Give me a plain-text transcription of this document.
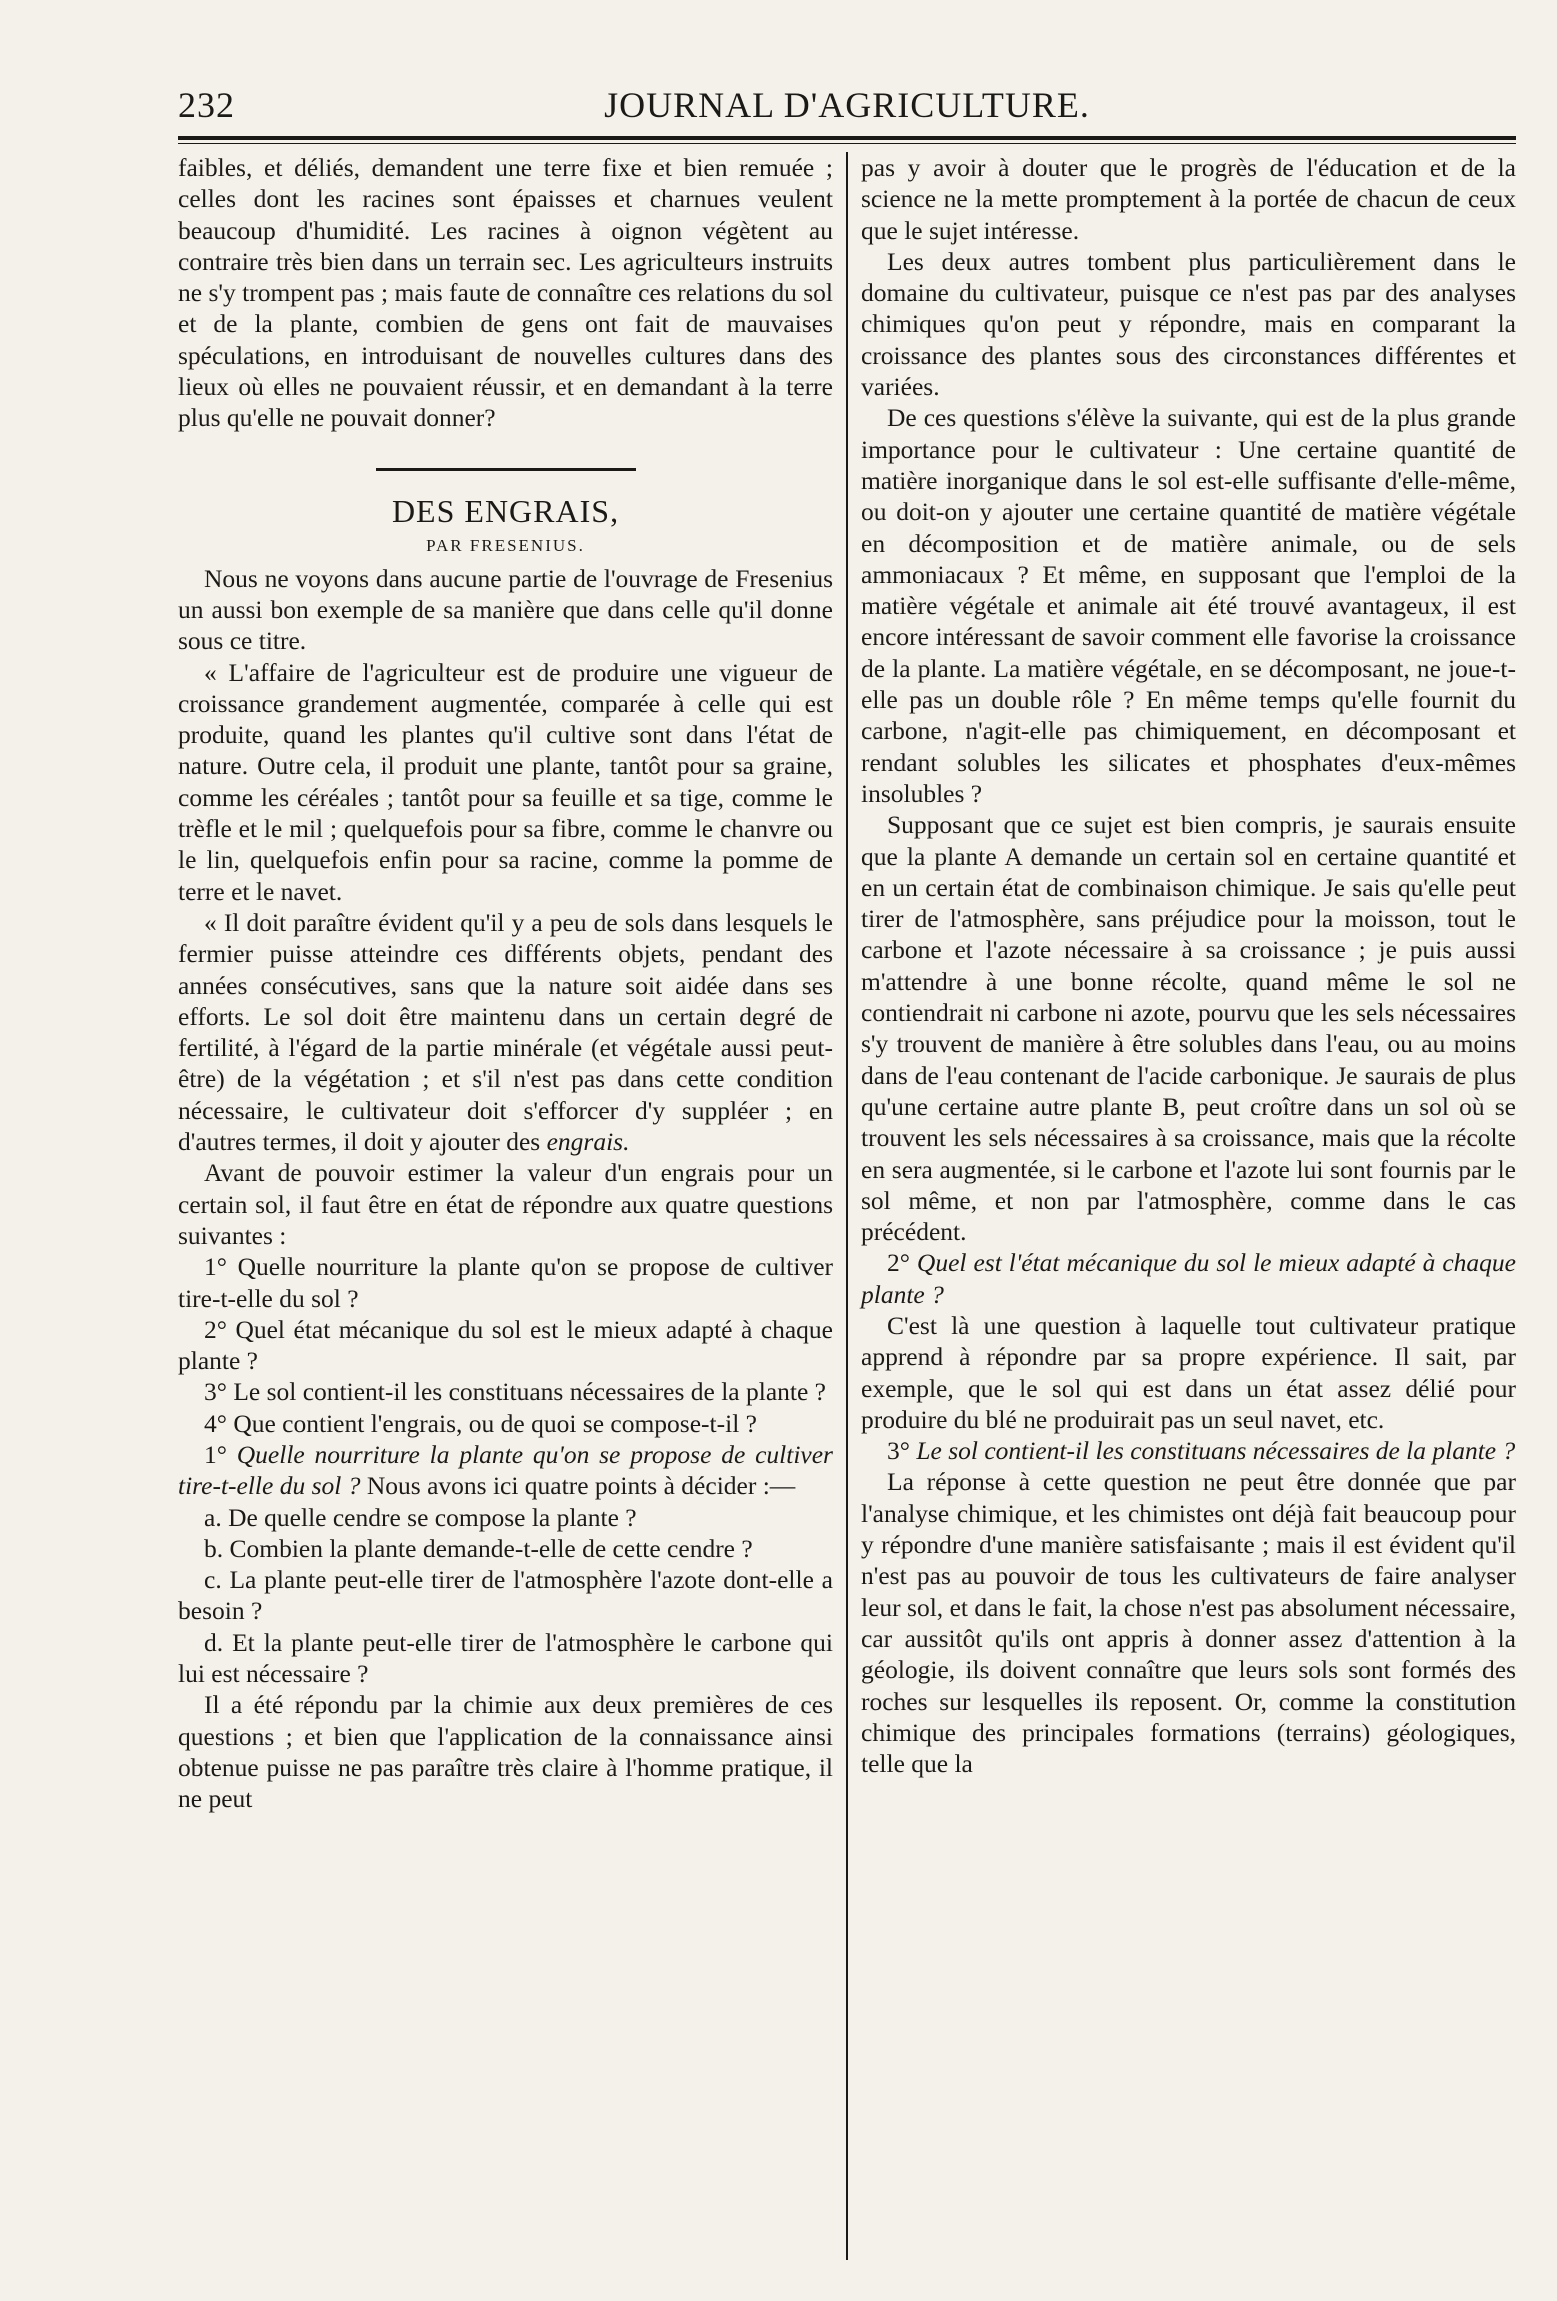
232	JOURNAL D'AGRICULTURE.

faibles, et déliés, demandent une terre fixe et bien remuée ; celles dont les racines sont épaisses et charnues veulent beaucoup d'humidité. Les racines à oignon végètent au contraire très bien dans un terrain sec. Les agriculteurs instruits ne s'y trompent pas ; mais faute de connaître ces relations du sol et de la plante, combien de gens ont fait de mauvaises spéculations, en introduisant de nouvelles cultures dans des lieux où elles ne pouvaient réussir, et en demandant à la terre plus qu'elle ne pouvait donner?

DES ENGRAIS,
PAR FRESENIUS.

Nous ne voyons dans aucune partie de l'ouvrage de Fresenius un aussi bon exemple de sa manière que dans celle qu'il donne sous ce titre.

« L'affaire de l'agriculteur est de produire une vigueur de croissance grandement augmentée, comparée à celle qui est produite, quand les plantes qu'il cultive sont dans l'état de nature. Outre cela, il produit une plante, tantôt pour sa graine, comme les céréales ; tantôt pour sa feuille et sa tige, comme le trèfle et le mil ; quelquefois pour sa fibre, comme le chanvre ou le lin, quelquefois enfin pour sa racine, comme la pomme de terre et le navet.

« Il doit paraître évident qu'il y a peu de sols dans lesquels le fermier puisse atteindre ces différents objets, pendant des années consécutives, sans que la nature soit aidée dans ses efforts. Le sol doit être maintenu dans un certain degré de fertilité, à l'égard de la partie minérale (et végétale aussi peut-être) de la végétation ; et s'il n'est pas dans cette condition nécessaire, le cultivateur doit s'efforcer d'y suppléer ; en d'autres termes, il doit y ajouter des engrais.

Avant de pouvoir estimer la valeur d'un engrais pour un certain sol, il faut être en état de répondre aux quatre questions suivantes :

1° Quelle nourriture la plante qu'on se propose de cultiver tire-t-elle du sol ?

2° Quel état mécanique du sol est le mieux adapté à chaque plante ?

3° Le sol contient-il les constituans nécessaires de la plante ?

4° Que contient l'engrais, ou de quoi se compose-t-il ?

1° Quelle nourriture la plante qu'on se propose de cultiver tire-t-elle du sol ? Nous avons ici quatre points à décider :—

a. De quelle cendre se compose la plante ?

b. Combien la plante demande-t-elle de cette cendre ?

c. La plante peut-elle tirer de l'atmosphère l'azote dont-elle a besoin ?

d. Et la plante peut-elle tirer de l'atmosphère le carbone qui lui est nécessaire ?

Il a été répondu par la chimie aux deux premières de ces questions ; et bien que l'application de la connaissance ainsi obtenue puisse ne pas paraître très claire à l'homme pratique, il ne peut

pas y avoir à douter que le progrès de l'éducation et de la science ne la mette promptement à la portée de chacun de ceux que le sujet intéresse.

Les deux autres tombent plus particulièrement dans le domaine du cultivateur, puisque ce n'est pas par des analyses chimiques qu'on peut y répondre, mais en comparant la croissance des plantes sous des circonstances différentes et variées.

De ces questions s'élève la suivante, qui est de la plus grande importance pour le cultivateur : Une certaine quantité de matière inorganique dans le sol est-elle suffisante d'elle-même, ou doit-on y ajouter une certaine quantité de matière végétale en décomposition et de matière animale, ou de sels ammoniacaux ? Et même, en supposant que l'emploi de la matière végétale et animale ait été trouvé avantageux, il est encore intéressant de savoir comment elle favorise la croissance de la plante. La matière végétale, en se décomposant, ne joue-t-elle pas un double rôle ? En même temps qu'elle fournit du carbone, n'agit-elle pas chimiquement, en décomposant et rendant solubles les silicates et phosphates d'eux-mêmes insolubles ?

Supposant que ce sujet est bien compris, je saurais ensuite que la plante A demande un certain sol en certaine quantité et en un certain état de combinaison chimique. Je sais qu'elle peut tirer de l'atmosphère, sans préjudice pour la moisson, tout le carbone et l'azote nécessaire à sa croissance ; je puis aussi m'attendre à une bonne récolte, quand même le sol ne contiendrait ni carbone ni azote, pourvu que les sels nécessaires s'y trouvent de manière à être solubles dans l'eau, ou au moins dans de l'eau contenant de l'acide carbonique. Je saurais de plus qu'une certaine autre plante B, peut croître dans un sol où se trouvent les sels nécessaires à sa croissance, mais que la récolte en sera augmentée, si le carbone et l'azote lui sont fournis par le sol même, et non par l'atmosphère, comme dans le cas précédent.

2° Quel est l'état mécanique du sol le mieux adapté à chaque plante ?

C'est là une question à laquelle tout cultivateur pratique apprend à répondre par sa propre expérience. Il sait, par exemple, que le sol qui est dans un état assez délié pour produire du blé ne produirait pas un seul navet, etc.

3° Le sol contient-il les constituans nécessaires de la plante ?

La réponse à cette question ne peut être donnée que par l'analyse chimique, et les chimistes ont déjà fait beaucoup pour y répondre d'une manière satisfaisante ; mais il est évident qu'il n'est pas au pouvoir de tous les cultivateurs de faire analyser leur sol, et dans le fait, la chose n'est pas absolument nécessaire, car aussitôt qu'ils ont appris à donner assez d'attention à la géologie, ils doivent connaître que leurs sols sont formés des roches sur lesquelles ils reposent. Or, comme la constitution chimique des principales formations (terrains) géologiques, telle que la
